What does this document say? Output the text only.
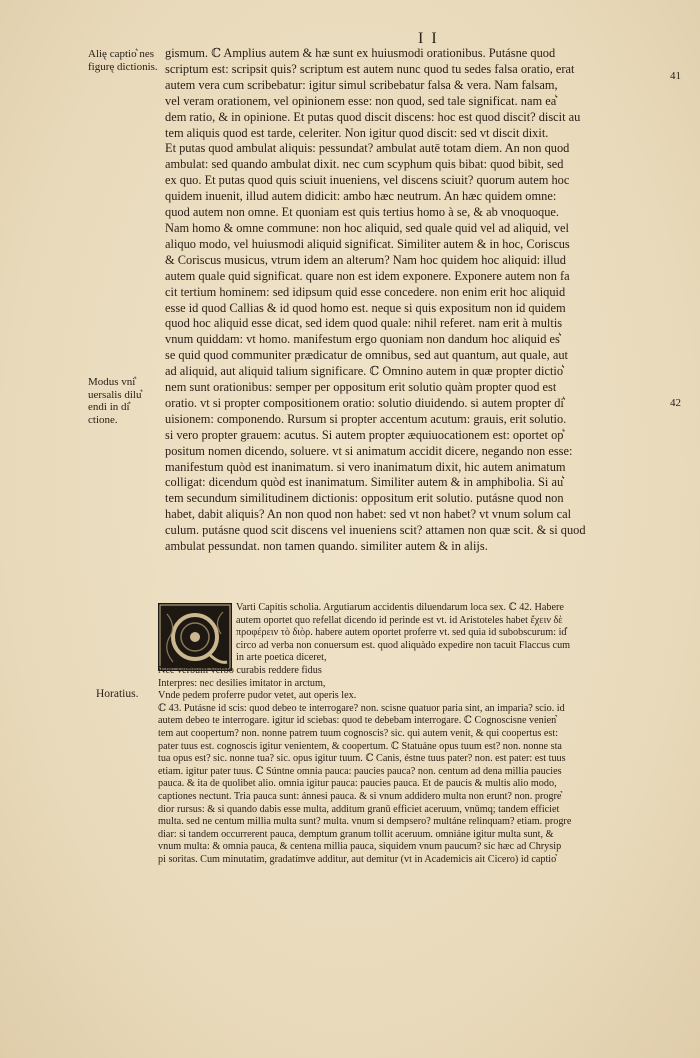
I I
Alię captio͛ nes figurę dictionis.
Modus vni͛ uersalis dilu͛ endi in di͛ ctione.
41
42
gismum. ℂ Amplius autem & hæ sunt ex huiusmodi orationibus. Putásne quod
scriptum est: scripsit quis? scriptum est autem nunc quod tu sedes falsa oratio, erat
autem vera cum scribebatur: igitur simul scribebatur falsa & vera. Nam falsam,
vel veram orationem, vel opinionem esse: non quod, sed tale significat. nam ea͛
dem ratio, & in opinione. Et putas quod discit discens: hoc est quod discit? discit au
tem aliquis quod est tarde, celeriter. Non igitur quod discit: sed vt discit dixit.
Et putas quod ambulat aliquis: pessundat? ambulat autē totam diem. An non quod
ambulat: sed quando ambulat dixit. nec cum scyphum quis bibat: quod bibit, sed
ex quo. Et putas quod quis sciuit inueniens, vel discens sciuit? quorum autem hoc
quidem inuenit, illud autem didicit: ambo hæc neutrum. An hæc quidem omne:
quod autem non omne. Et quoniam est quis tertius homo à se, & ab vnoquoque.
Nam homo & omne commune: non hoc aliquid, sed quale quid vel ad aliquid, vel
aliquo modo, vel huiusmodi aliquid significat. Similiter autem & in hoc, Coriscus
& Coriscus musicus, vtrum idem an alterum? Nam hoc quidem hoc aliquid: illud
autem quale quid significat. quare non est idem exponere. Exponere autem non fa
cit tertium hominem: sed idipsum quid esse concedere. non enim erit hoc aliquid
esse id quod Callias & id quod homo est. neque si quis expositum non id quidem
quod hoc aliquid esse dicat, sed idem quod quale: nihil referet. nam erit à multis
vnum quiddam: vt homo. manifestum ergo quoniam non dandum hoc aliquid es͛
se quid quod communiter prædicatur de omnibus, sed aut quantum, aut quale, aut
ad aliquid, aut aliquid talium significare. ℂ Omnino autem in quæ propter dictio͛
nem sunt orationibus: semper per oppositum erit solutio quàm propter quod est
oratio. vt si propter compositionem oratio: solutio diuidendo. si autem propter di͛
uisionem: componendo. Rursum si propter accentum acutum: grauis, erit solutio.
si vero propter grauem: acutus. Si autem propter æquiuocationem est: oportet op͛
positum nomen dicendo, soluere. vt si animatum accidit dicere, negando non esse:
manifestum quòd est inanimatum. si vero inanimatum dixit, hic autem animatum
colligat: dicendum quòd est inanimatum. Similiter autem & in amphibolia. Si au͛
tem secundum similitudinem dictionis: oppositum erit solutio. putásne quod non
habet, dabit aliquis? An non quod non habet: sed vt non habet? vt vnum solum cal
culum. putásne quod scit discens vel inueniens scit? attamen non quæ scit. & si quod
ambulat pessundat. non tamen quando. similiter autem & in alijs.
Horatius.
Varti Capitis scholia. Argutiarum accidentis diluendarum loca sex. ℂ 42. Habere
autem oportet quo refellat dicendo id perinde est vt. id Aristoteles habet ἔχειν δὲ
προφέρειν τὸ διὸρ. habere autem oportet proferre vt. sed quia id subobscurum: id͛
circo ad verba non conuersum est. quod aliquàdo expedire non tacuit Flaccus cum
in arte poetica diceret,
Nec verbum verbo curabis reddere fidus
Interpres: nec desilies imitator in arctum,
Vnde pedem proferre pudor vetet, aut operis lex.
ℂ 43. Putásne id scis: quod debeo te interrogare? non. scisne quatuor paria sint, an imparia? scio. id
autem debeo te interrogare. igitur id sciebas: quod te debebam interrogare. ℂ Cognoscisne venien͛
tem aut coopertum? non. nonne patrem tuum cognoscis? sic. qui autem venit, & qui coopertus est:
pater tuus est. cognoscis igitur venientem, & coopertum. ℂ Statuáne opus tuum est? non. nonne sta
tua opus est? sic. nonne tua? sic. opus igitur tuum. ℂ Canis, éstne tuus pater? non. est pater: est tuus
etiam. igitur pater tuus. ℂ Súntne omnia pauca: paucies pauca? non. centum ad dena millia paucies
pauca. & ita de quolibet alio. omnia igitur pauca: paucies pauca. Et de paucis & multis alio modo,
captiones nectunt. Tria pauca sunt: ánnesi pauca. & si vnum addidero multa non erunt? non. progre͛
dior rursus: & si quando dabis esse multa, additum granū efficiet aceruum, vnūmq; tandem efficiet
multa. sed ne centum millia multa sunt? multa. vnum si dempsero? multáne relinquam? etiam. progre
diar: si tandem occurrerent pauca, demptum granum tollit aceruum. omniáne igitur multa sunt, &
vnum multa: & omnia pauca, & centena millia pauca, siquidem vnum paucum? sic hæc ad Chrysip
pi soritas. Cum minutatim, gradatímve additur, aut demitur (vt in Academicis ait Cicero) id captio͛
